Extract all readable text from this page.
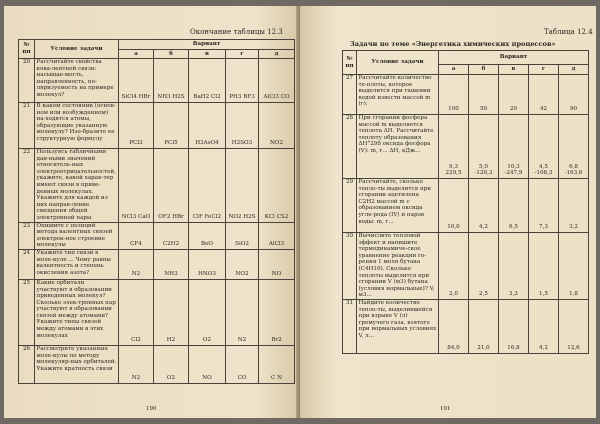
Окончание таблицы 12.3
№ пп	Условие задачи	Вариант				
		а	б	в	г	д
20	Рассчитайте свойства кова-лентной связи: насыщае-мость, направленность, по-ляризуемость на примере молекул?	SiCl4 HBr	NH3 H2S	BaH2 Cl2	PH3 BF3	AlCl3 CO
21	В каком состоянии (основ-ном или возбужденном) на-ходятся атомы, образующие указанную молекулу? Изо-бразите ее структурную формулу	PCl3	PCl5	H3AsO4	H2SO3	NO2
22	Пользуясь табличными дан-ными значений относитель-ных электроотрицательностей, укажите, какой харак-тер имеют связи в приве-денных молекулах. Укажите для каждой из них направ-ление смещения общей электронной пары	NCl3 CaO	OF2 HBr	ClF FeCl2	NO2 H2S	KCl CS2
23	Опишите с позиций метода валентных связей электрон-ное строение молекулы	CF4	C2H2	BeO	SiO2	AlCl3
24	Укажите тип связи в моле-куле ... Чему равны валентность и степень окисления азота?	N2	NH3	HNO3	NO2	NO
25	Какие орбитали участвуют в образовании приведенных молекул? Сколько элек-тронных пар участвуют в образовании связей между атомами? Укажите типы связей между атомами в этих молекулах	Cl2	H2	O2	N2	Br2
26	Рассмотрите указанные моле-кулы по методу молекуляр-ных орбиталей. Укажите кратность связи	N2	O2	NO	CO	C N
190
Таблица 12.4
Задачи по теме «Энергетика химических процессов»
№ пп	Условие задачи	Вариант				
		а	б	в	г	д
27	Рассчитайте количество те-плоты, которое выделится при гашении водой извести массой m (г):	100	50	20	42	90
28	При сгорании фосфора массой m выделяется теплота ΔH. Рассчитайте теплоту образования ΔH°298 оксида фосфора (V): m, г... ΔH, кДж...	9,3 229,5	5,0 -120,3	10,3 -247,9	4,5 -108,3	6,8 -163,6
29	Рассчитайте, сколько тепло-ты выделится при сгорании ацетилена C2H2 массой m с образованием оксида угле-рода (IV) и паров воды: m, г...	10,0	4,2	6,5	7,3	3,2
30	Вычислите тепловой эффект и напишите термодинамиче-ское уравнение реакции го-рения 1 моля бутана (C4H10). Сколько теплоты выделится при сгорании V (м3) бутана (условия нормальные)? V, м3...	2,0	2,5	3,2	1,5	1,8
31	Найдите количество тепло-ты, выделившейся при взрыве V (л) гремучего газа, взятого при нормальных условиях V, л...	84,0	21,0	16,8	4,2	12,6
191
